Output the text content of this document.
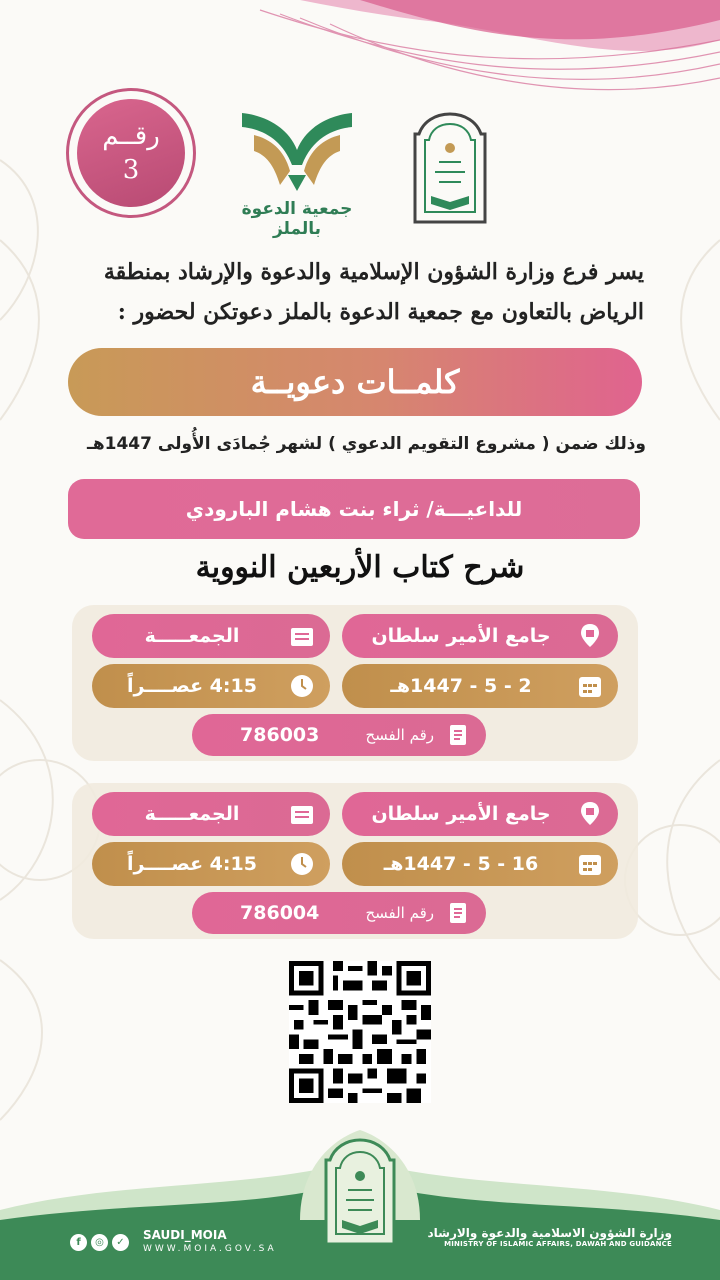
رقــم
3
جمعية الدعوة بالملز
يسر فرع وزارة الشؤون الإسلامية والدعوة والإرشاد بمنطقة
الرياض بالتعاون مع جمعية الدعوة بالملز دعوتكن لحضور :
كلمــات دعويــة
وذلك ضمن ( مشروع التقويم الدعوي ) لشهر جُمادَى الأُولى 1447هـ
للداعيـــة/ ثراء بنت هشام البارودي
شرح كتاب الأربعين النووية
جامع الأمير سلطان
الجمعـــــة
2 - 5 - 1447هـ
4:15 عصــــراً
رقم الفسح
786003
جامع الأمير سلطان
الجمعـــــة
16 - 5 - 1447هـ
4:15 عصــــراً
رقم الفسح
786004
f	◎	✓	SAUDI_MOIA
WWW.MOIA.GOV.SA
وزارة الشؤون الاسلامية والدعوة والارشاد
MINISTRY OF ISLAMIC AFFAIRS, DAWAH AND GUIDANCE
